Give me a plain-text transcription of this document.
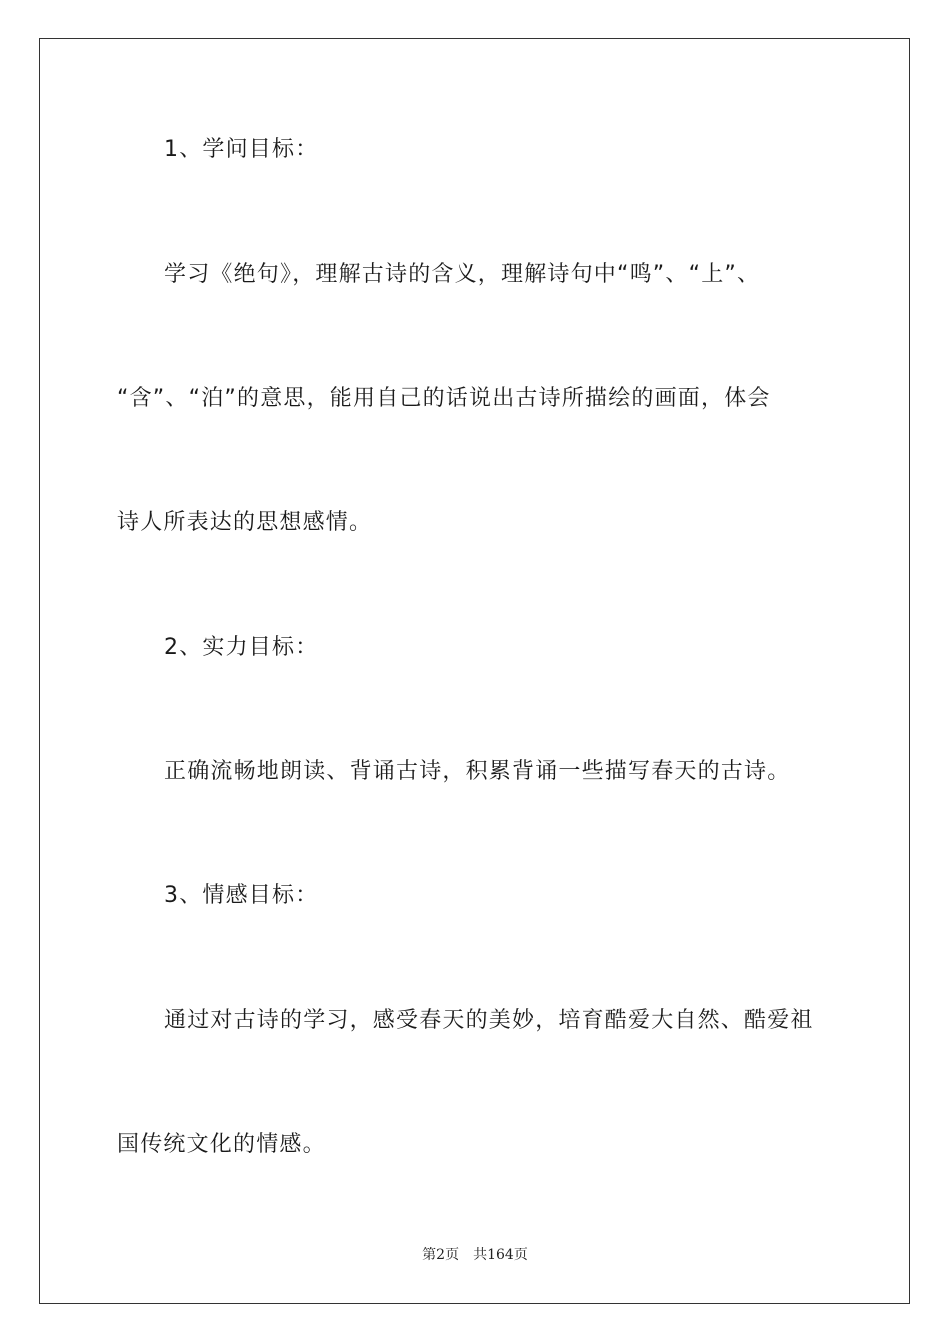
1、学问目标：
学习《绝句》，理解古诗的含义，理解诗句中“鸣”、“上”、
“含”、“泊”的意思，能用自己的话说出古诗所描绘的画面，体会
诗人所表达的思想感情。
2、实力目标：
正确流畅地朗读、背诵古诗，积累背诵一些描写春天的古诗。
3、情感目标：
通过对古诗的学习，感受春天的美妙，培育酷爱大自然、酷爱祖
国传统文化的情感。
第2页 共164页
